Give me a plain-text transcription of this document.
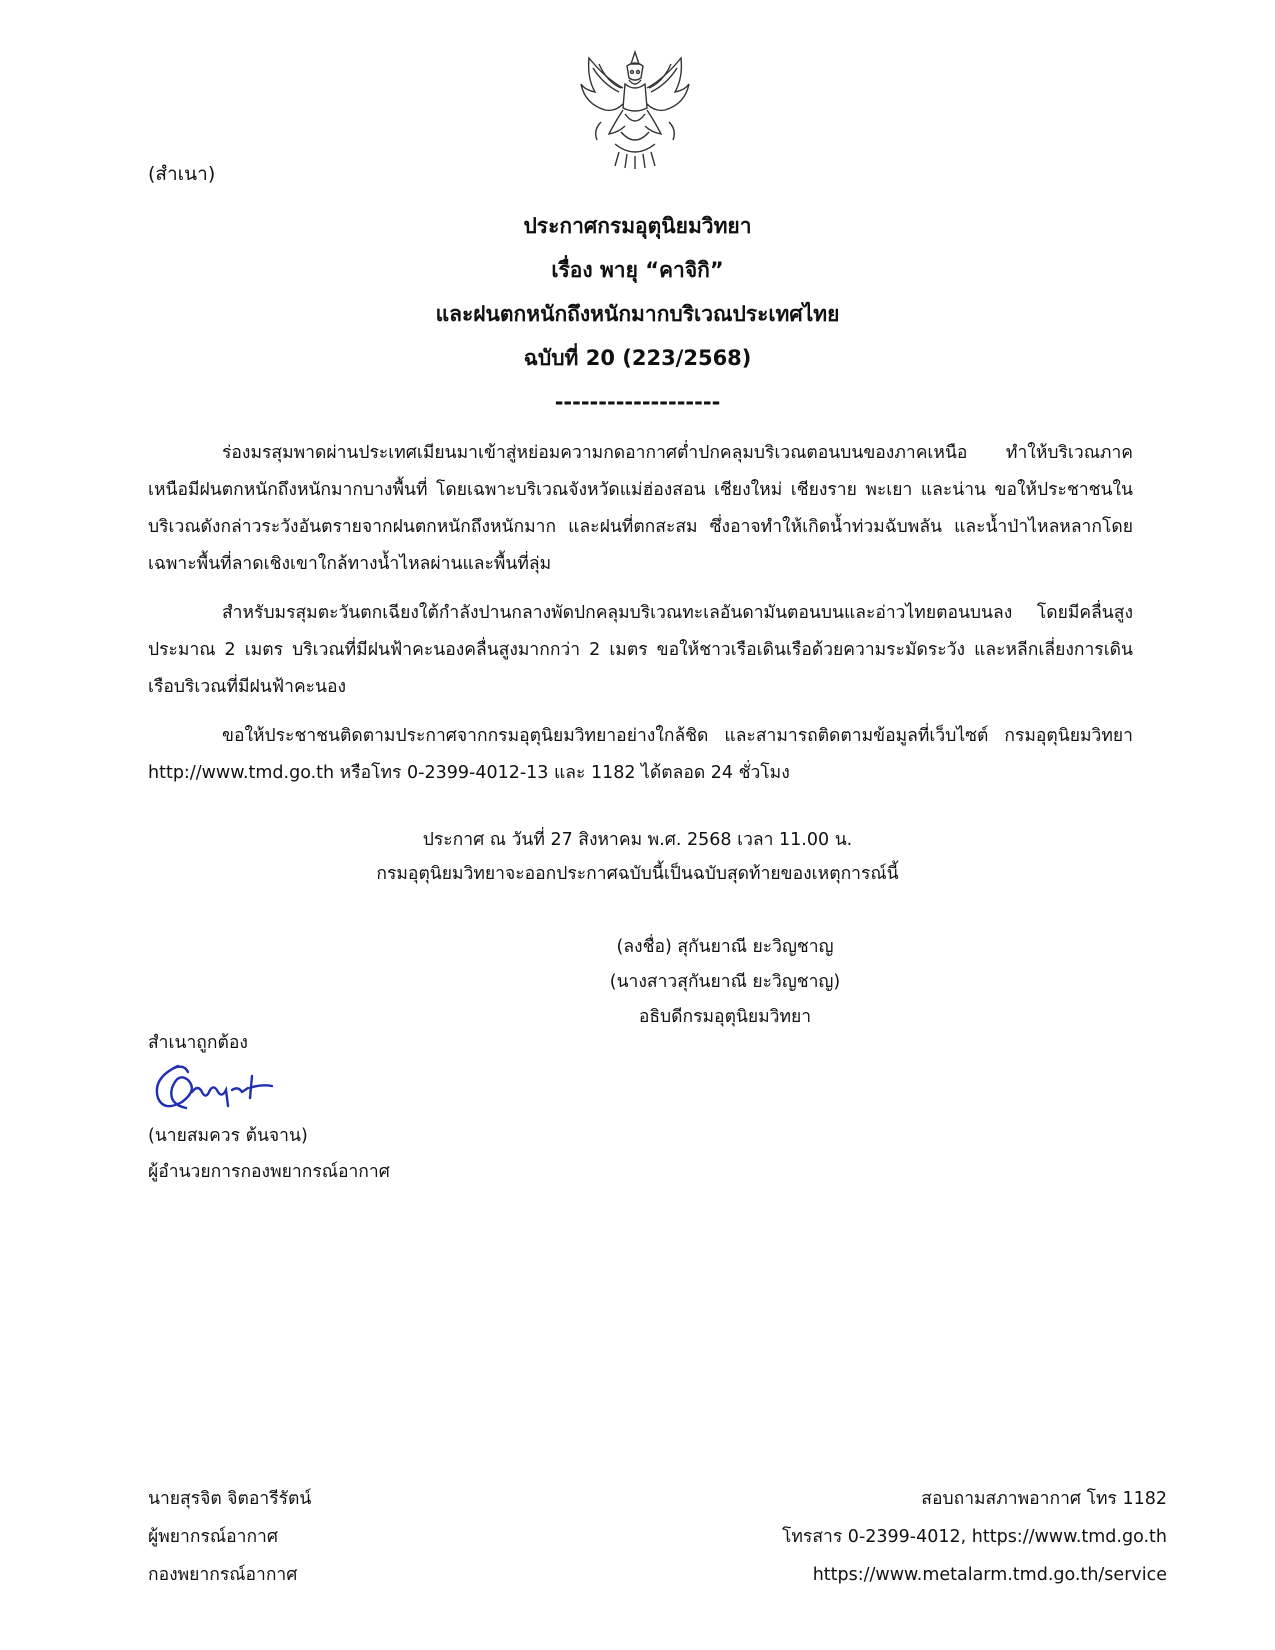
(สำเนา)
ประกาศกรมอุตุนิยมวิทยา
เรื่อง พายุ “คาจิกิ”
และฝนตกหนักถึงหนักมากบริเวณประเทศไทย
ฉบับที่ 20 (223/2568)
-------------------

ร่องมรสุมพาดผ่านประเทศเมียนมาเข้าสู่หย่อมความกดอากาศต่ำปกคลุมบริเวณตอนบนของภาคเหนือ ทำให้บริเวณภาคเหนือมีฝนตกหนักถึงหนักมากบางพื้นที่ โดยเฉพาะบริเวณจังหวัดแม่ฮ่องสอน เชียงใหม่ เชียงราย พะเยา และน่าน ขอให้ประชาชนในบริเวณดังกล่าวระวังอันตรายจากฝนตกหนักถึงหนักมาก และฝนที่ตกสะสม ซึ่งอาจทำให้เกิดน้ำท่วมฉับพลัน และน้ำป่าไหลหลากโดยเฉพาะพื้นที่ลาดเชิงเขาใกล้ทางน้ำไหลผ่านและพื้นที่ลุ่ม

สำหรับมรสุมตะวันตกเฉียงใต้กำลังปานกลางพัดปกคลุมบริเวณทะเลอันดามันตอนบนและอ่าวไทยตอนบนลง โดยมีคลื่นสูงประมาณ 2 เมตร บริเวณที่มีฝนฟ้าคะนองคลื่นสูงมากกว่า 2 เมตร ขอให้ชาวเรือเดินเรือด้วยความระมัดระวัง และหลีกเลี่ยงการเดินเรือบริเวณที่มีฝนฟ้าคะนอง

ขอให้ประชาชนติดตามประกาศจากกรมอุตุนิยมวิทยาอย่างใกล้ชิด และสามารถติดตามข้อมูลที่เว็บไซต์ กรมอุตุนิยมวิทยา http://www.tmd.go.th หรือโทร 0-2399-4012-13 และ 1182 ได้ตลอด 24 ชั่วโมง

ประกาศ ณ วันที่ 27 สิงหาคม พ.ศ. 2568 เวลา 11.00 น.
กรมอุตุนิยมวิทยาจะออกประกาศฉบับนี้เป็นฉบับสุดท้ายของเหตุการณ์นี้
(ลงชื่อ) สุกันยาณี ยะวิญชาญ
(นางสาวสุกันยาณี ยะวิญชาญ)
อธิบดีกรมอุตุนิยมวิทยา
สำเนาถูกต้อง
(นายสมควร ต้นจาน)
ผู้อำนวยการกองพยากรณ์อากาศ
นายสุรจิต จิตอารีรัตน์
ผู้พยากรณ์อากาศ
กองพยากรณ์อากาศ
สอบถามสภาพอากาศ โทร 1182
โทรสาร 0-2399-4012, https://www.tmd.go.th
https://www.metalarm.tmd.go.th/service
